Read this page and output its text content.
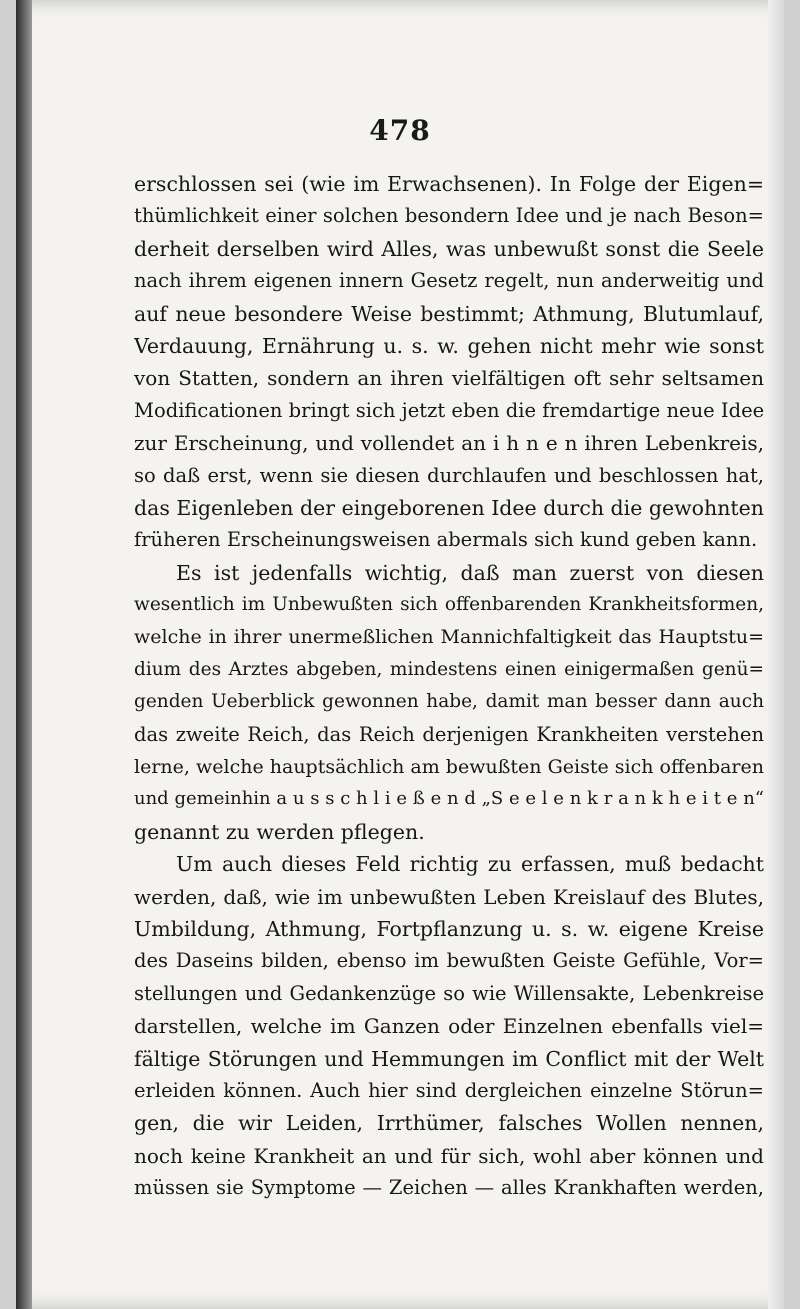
478
erschlossen sei (wie im Erwachsenen). In Folge der Eigen=
thümlichkeit einer solchen besondern Idee und je nach Beson=
derheit derselben wird Alles, was unbewußt sonst die Seele
nach ihrem eigenen innern Gesetz regelt, nun anderweitig und
auf neue besondere Weise bestimmt; Athmung, Blutumlauf,
Verdauung, Ernährung u. s. w. gehen nicht mehr wie sonst
von Statten, sondern an ihren vielfältigen oft sehr seltsamen
Modificationen bringt sich jetzt eben die fremdartige neue Idee
zur Erscheinung, und vollendet an i h n e n ihren Lebenkreis,
so daß erst, wenn sie diesen durchlaufen und beschlossen hat,
das Eigenleben der eingeborenen Idee durch die gewohnten
früheren Erscheinungsweisen abermals sich kund geben kann.
Es ist jedenfalls wichtig, daß man zuerst von diesen
wesentlich im Unbewußten sich offenbarenden Krankheitsformen,
welche in ihrer unermeßlichen Mannichfaltigkeit das Hauptstu=
dium des Arztes abgeben, mindestens einen einigermaßen genü=
genden Ueberblick gewonnen habe, damit man besser dann auch
das zweite Reich, das Reich derjenigen Krankheiten verstehen
lerne, welche hauptsächlich am bewußten Geiste sich offenbaren
und gemeinhin a u s s c h l i e ß e n d „S e e l e n k r a n k h e i t e n“
genannt zu werden pflegen.
Um auch dieses Feld richtig zu erfassen, muß bedacht
werden, daß, wie im unbewußten Leben Kreislauf des Blutes,
Umbildung, Athmung, Fortpflanzung u. s. w. eigene Kreise
des Daseins bilden, ebenso im bewußten Geiste Gefühle, Vor=
stellungen und Gedankenzüge so wie Willensakte, Lebenkreise
darstellen, welche im Ganzen oder Einzelnen ebenfalls viel=
fältige Störungen und Hemmungen im Conflict mit der Welt
erleiden können. Auch hier sind dergleichen einzelne Störun=
gen, die wir Leiden, Irrthümer, falsches Wollen nennen,
noch keine Krankheit an und für sich, wohl aber können und
müssen sie Symptome — Zeichen — alles Krankhaften werden,
